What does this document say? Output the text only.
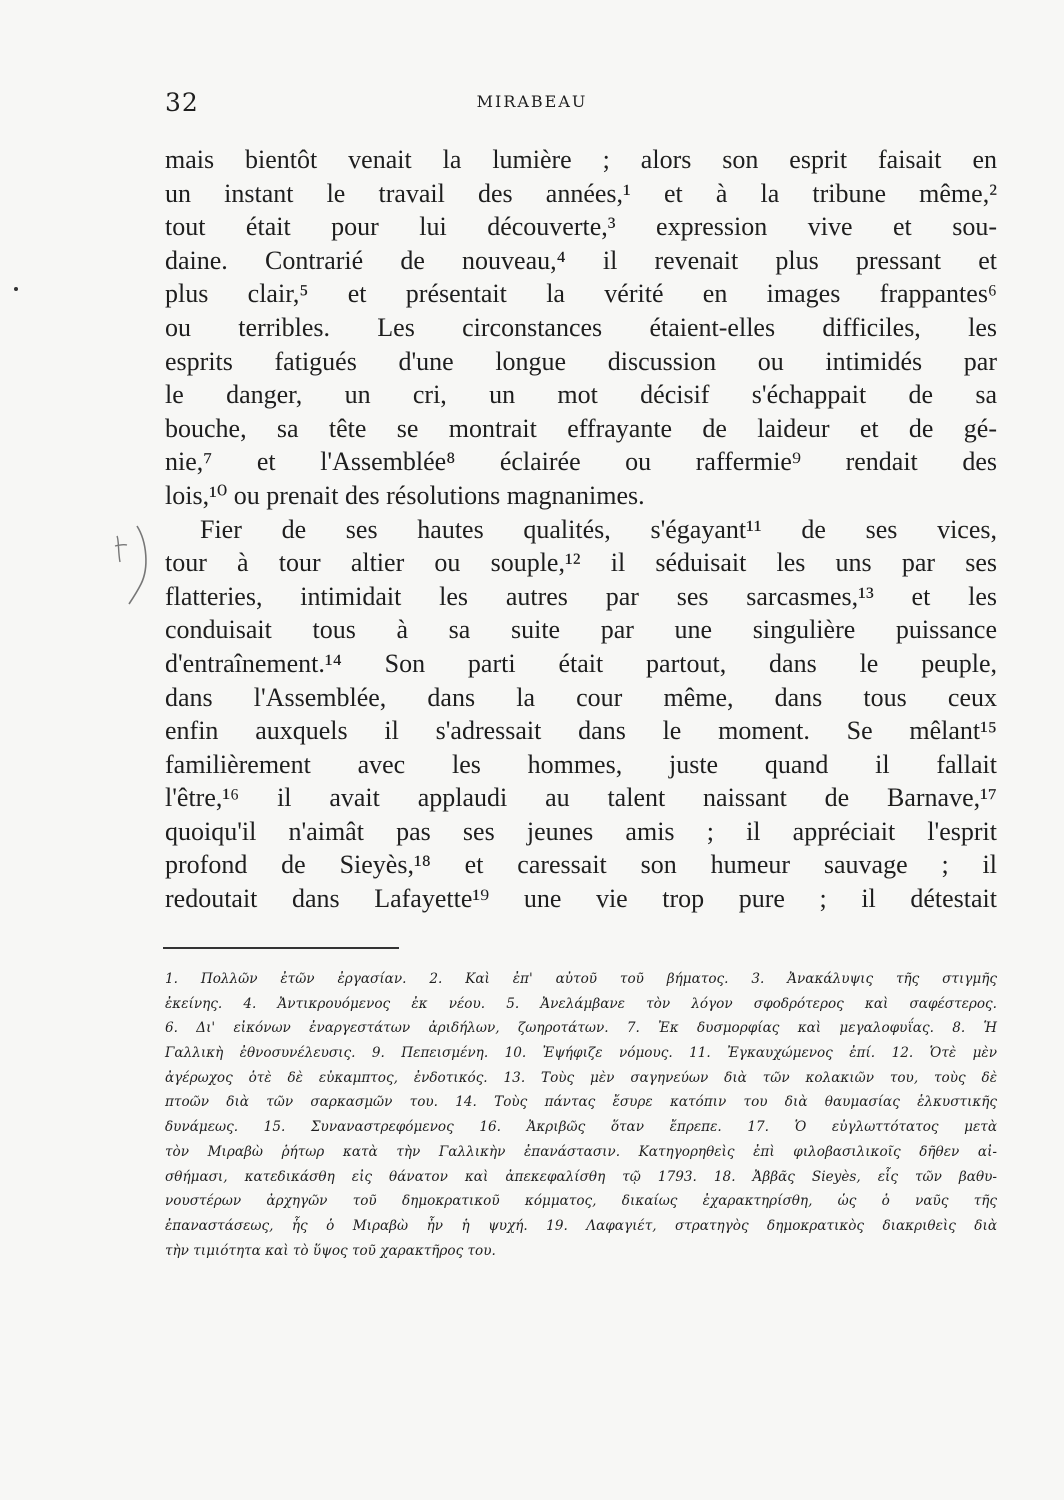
32	MIRABEAU
mais bientôt venait la lumière ; alors son esprit faisait en
un instant le travail des années,¹ et à la tribune même,²
tout était pour lui découverte,³ expression vive et sou-
daine. Contrarié de nouveau,⁴ il revenait plus pressant et
plus clair,⁵ et présentait la vérité en images frappantes⁶
ou terribles. Les circonstances étaient-elles difficiles, les
esprits fatigués d'une longue discussion ou intimidés par
le danger, un cri, un mot décisif s'échappait de sa
bouche, sa tête se montrait effrayante de laideur et de gé-
nie,⁷ et l'Assemblée⁸ éclairée ou raffermie⁹ rendait des
lois,¹⁰ ou prenait des résolutions magnanimes.
Fier de ses hautes qualités, s'égayant¹¹ de ses vices,
tour à tour altier ou souple,¹² il séduisait les uns par ses
flatteries, intimidait les autres par ses sarcasmes,¹³ et les
conduisait tous à sa suite par une singulière puissance
d'entraînement.¹⁴ Son parti était partout, dans le peuple,
dans l'Assemblée, dans la cour même, dans tous ceux
enfin auxquels il s'adressait dans le moment. Se mêlant¹⁵
familièrement avec les hommes, juste quand il fallait
l'être,¹⁶ il avait applaudi au talent naissant de Barnave,¹⁷
quoiqu'il n'aimât pas ses jeunes amis ; il appréciait l'esprit
profond de Sieyès,¹⁸ et caressait son humeur sauvage ; il
redoutait dans Lafayette¹⁹ une vie trop pure ; il détestait
1. Πολλῶν ἐτῶν ἐργασίαν. 2. Καὶ ἐπ' αὐτοῦ τοῦ βήματος. 3. Ἀνακάλυψις τῆς στιγμῆς
ἐκείνης. 4. Ἀντικρουόμενος ἐκ νέου. 5. Ἀνελάμβανε τὸν λόγον σφοδρότερος καὶ σαφέστερος.
6. Δι' εἰκόνων ἐναργεστάτων ἀριδήλων, ζωηροτάτων. 7. Ἐκ δυσμορφίας καὶ μεγαλοφυΐας. 8. Ἡ
Γαλλικὴ ἐθνοσυνέλευσις. 9. Πεπεισμένη. 10. Ἐψήφιζε νόμους. 11. Ἐγκαυχώμενος ἐπί. 12. Ὁτὲ μὲν
ἀγέρωχος ὁτὲ δὲ εὐκαμπτος, ἐνδοτικός. 13. Τοὺς μὲν σαγηνεύων διὰ τῶν κολακιῶν του, τοὺς δὲ
πτοῶν διὰ τῶν σαρκασμῶν του. 14. Τοὺς πάντας ἔσυρε κατόπιν του διὰ θαυμασίας ἑλκυστικῆς
δυνάμεως. 15. Συναναστρεφόμενος 16. Ἀκριβῶς ὅταν ἔπρεπε. 17. Ὁ εὐγλωττότατος μετὰ
τὸν Μιραβὼ ῥήτωρ κατὰ τὴν Γαλλικὴν ἐπανάστασιν. Κατηγορηθεὶς ἐπὶ φιλοβασιλικοῖς δῆθεν αἰ-
σθήμασι, κατεδικάσθη εἰς θάνατον καὶ ἀπεκεφαλίσθη τῷ 1793. 18. Ἀββᾶς Sieyès, εἷς τῶν βαθυ-
νουστέρων ἀρχηγῶν τοῦ δημοκρατικοῦ κόμματος, δικαίως ἐχαρακτηρίσθη, ὡς ὁ ναῦς τῆς
ἐπαναστάσεως, ἧς ὁ Μιραβὼ ἦν ἡ ψυχή. 19. Λαφαγιέτ, στρατηγὸς δημοκρατικὸς διακριθεὶς διὰ
τὴν τιμιότητα καὶ τὸ ὕψος τοῦ χαρακτῆρος του.
